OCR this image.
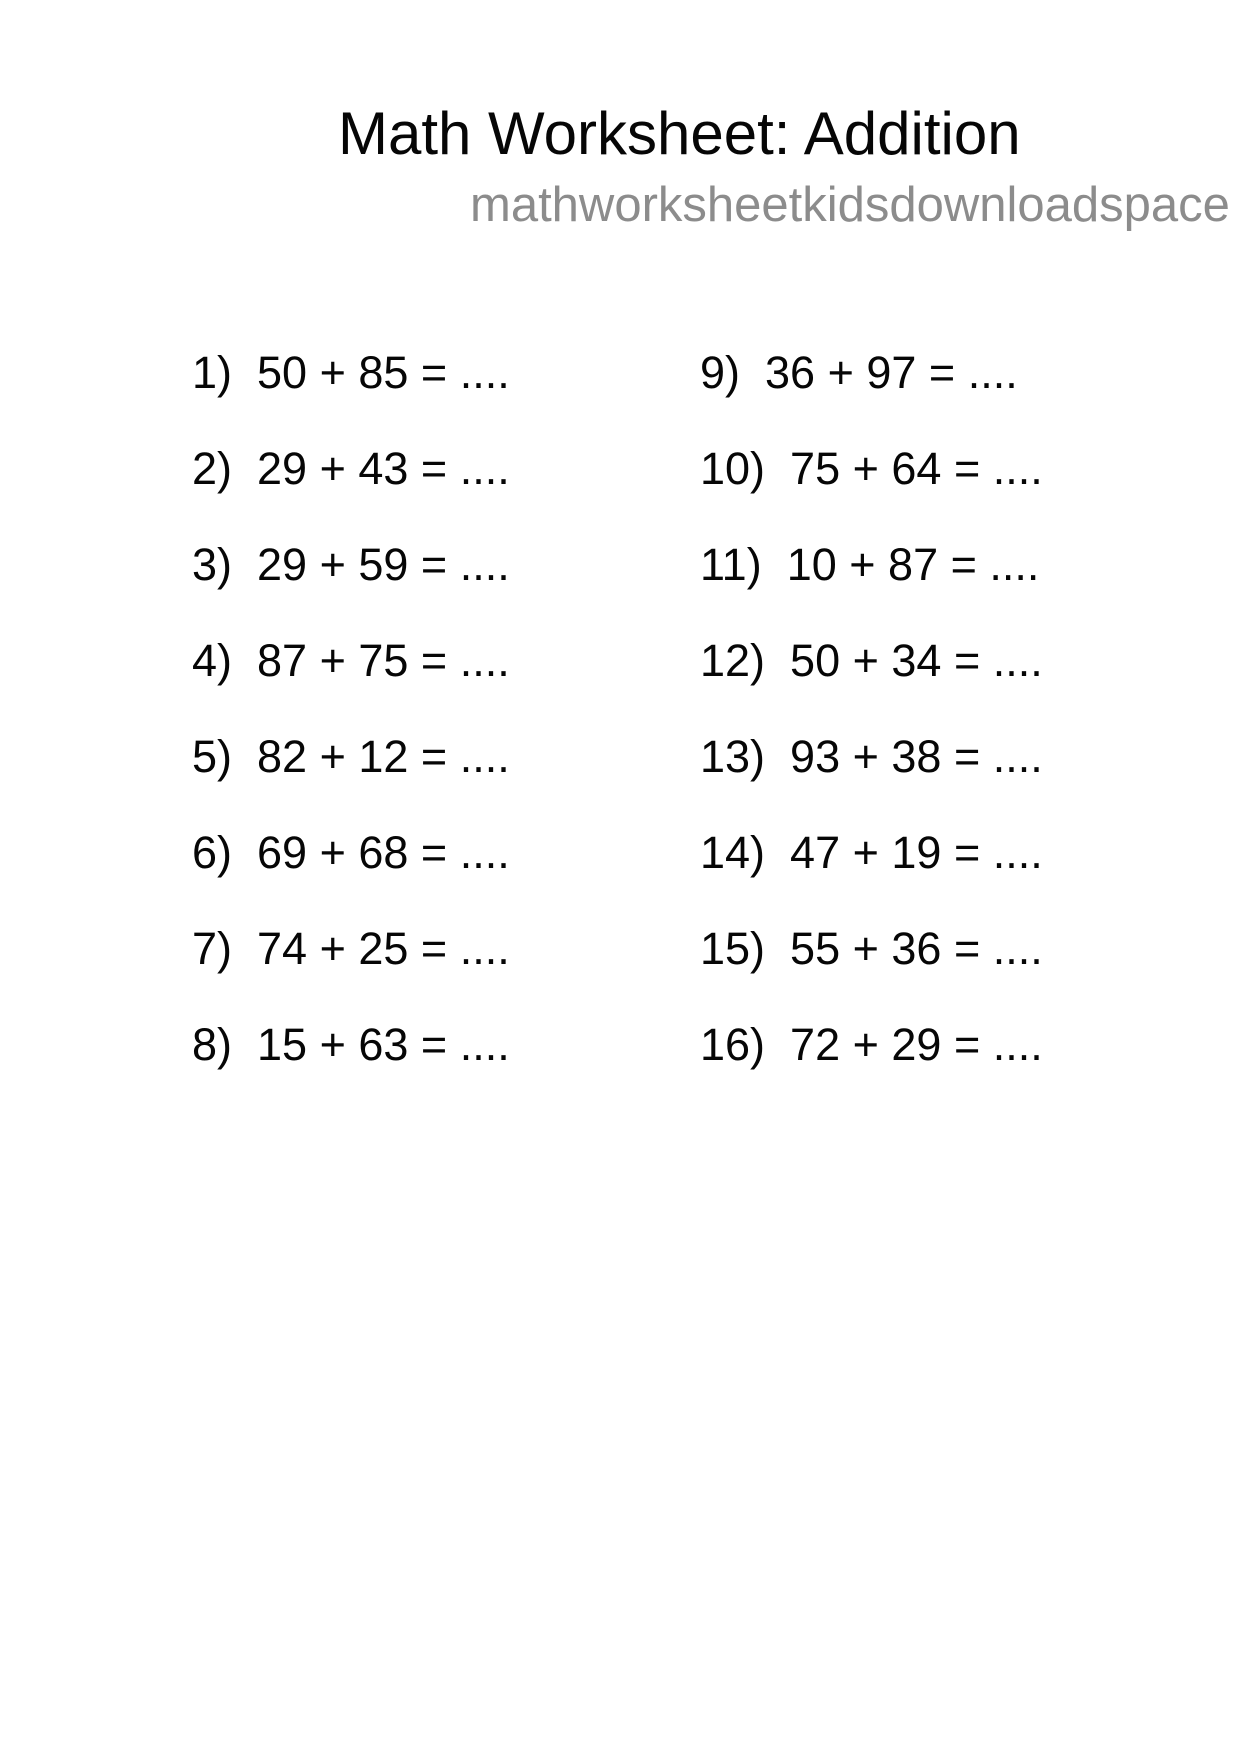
Math Worksheet: Addition
mathworksheetkidsdownloadspace
1) 50 + 85 = ....
2) 29 + 43 = ....
3) 29 + 59 = ....
4) 87 + 75 = ....
5) 82 + 12 = ....
6) 69 + 68 = ....
7) 74 + 25 = ....
8) 15 + 63 = ....
9) 36 + 97 = ....
10) 75 + 64 = ....
11) 10 + 87 = ....
12) 50 + 34 = ....
13) 93 + 38 = ....
14) 47 + 19 = ....
15) 55 + 36 = ....
16) 72 + 29 = ....
